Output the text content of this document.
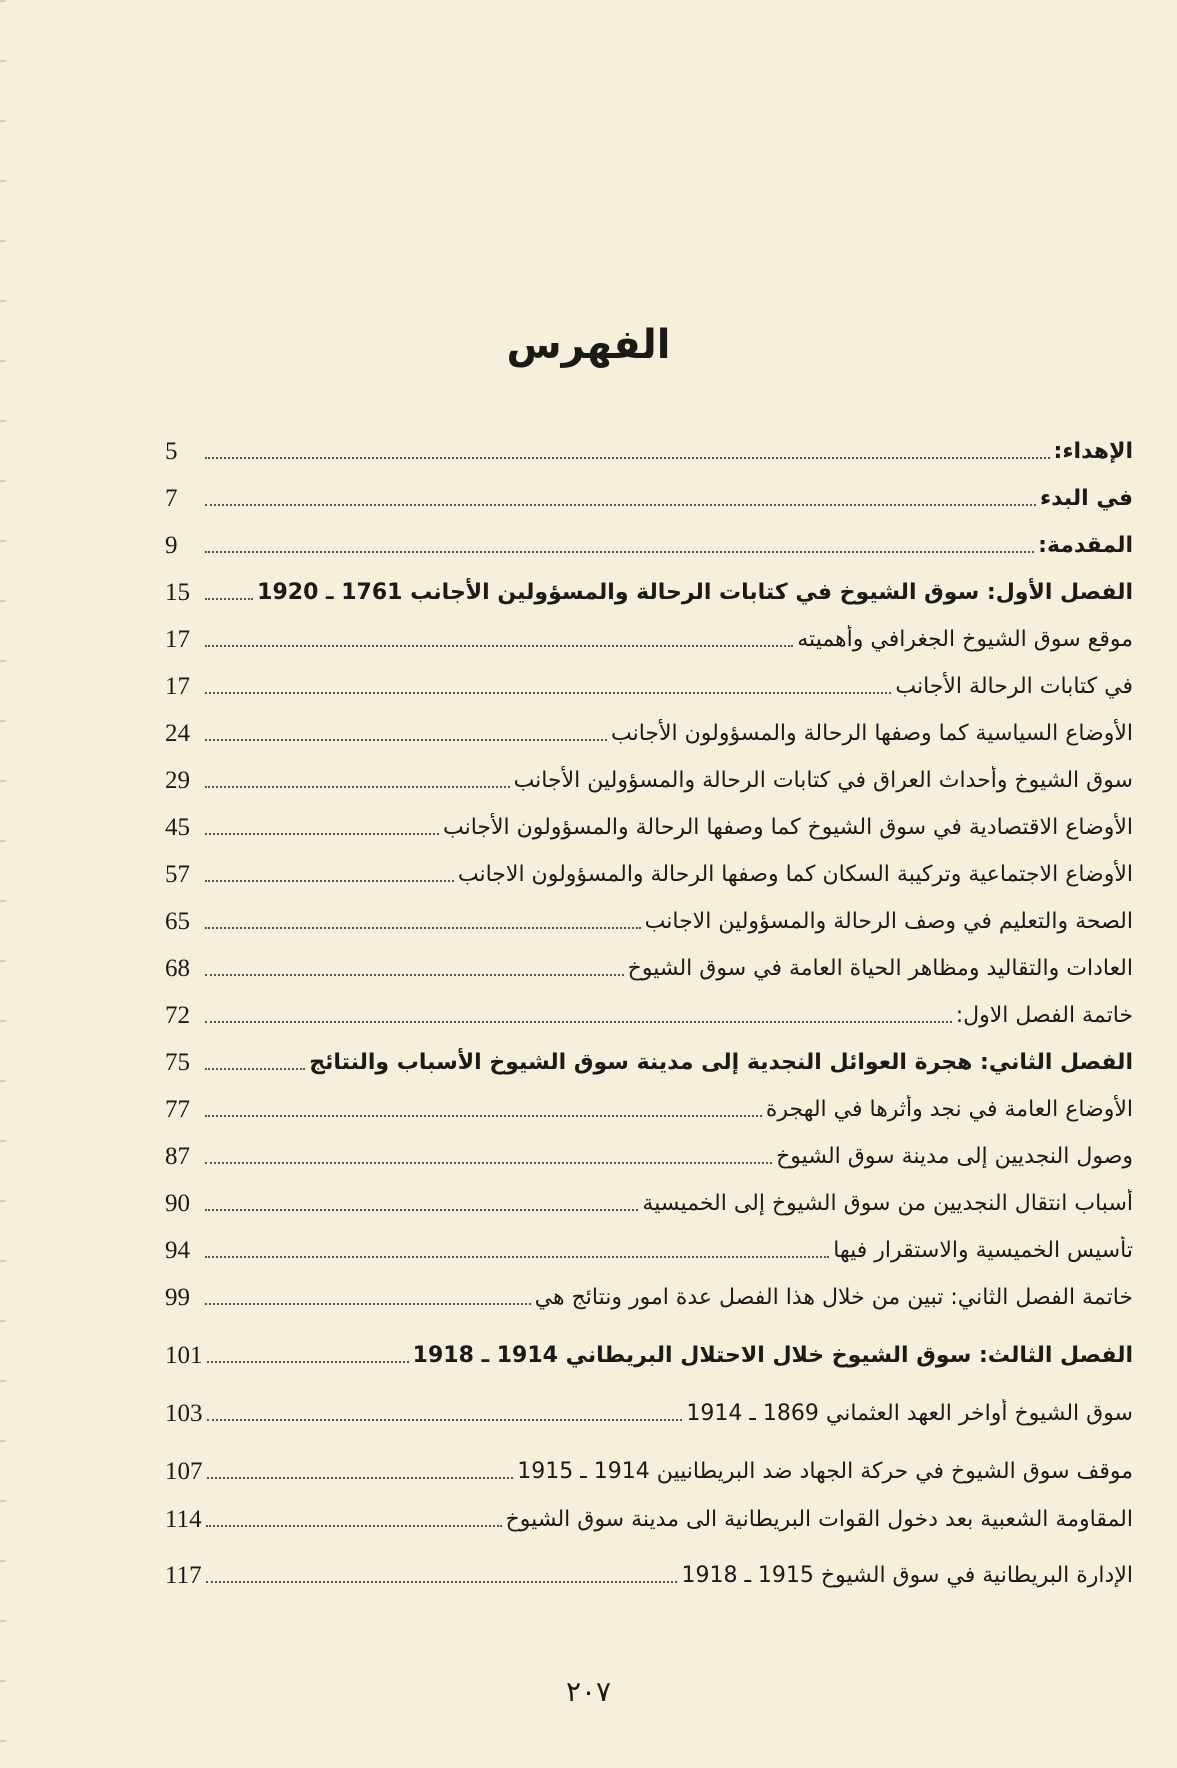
الفهرس
الإهداء:
5
في البدء
7
المقدمة:
9
الفصل الأول: سوق الشيوخ في كتابات الرحالة والمسؤولين الأجانب 1761 ـ 1920
15
موقع سوق الشيوخ الجغرافي وأهميته
17
في كتابات الرحالة الأجانب
17
الأوضاع السياسية كما وصفها الرحالة والمسؤولون الأجانب
24
سوق الشيوخ وأحداث العراق في كتابات الرحالة والمسؤولين الأجانب
29
الأوضاع الاقتصادية في سوق الشيوخ كما وصفها الرحالة والمسؤولون الأجانب
45
الأوضاع الاجتماعية وتركيبة السكان كما وصفها الرحالة والمسؤولون الاجانب
57
الصحة والتعليم في وصف الرحالة والمسؤولين الاجانب
65
العادات والتقاليد ومظاهر الحياة العامة في سوق الشيوخ
68
خاتمة الفصل الاول:
72
الفصل الثاني: هجرة العوائل النجدية إلى مدينة سوق الشيوخ الأسباب والنتائج
75
الأوضاع العامة في نجد وأثرها في الهجرة
77
وصول النجديين إلى مدينة سوق الشيوخ
87
أسباب انتقال النجديين من سوق الشيوخ إلى الخميسية
90
تأسيس الخميسية والاستقرار فيها
94
خاتمة الفصل الثاني: تبين من خلال هذا الفصل عدة امور ونتائج هي
99
الفصل الثالث: سوق الشيوخ خلال الاحتلال البريطاني 1914 ـ 1918
101
سوق الشيوخ أواخر العهد العثماني 1869 ـ 1914
103
موقف سوق الشيوخ في حركة الجهاد ضد البريطانيين 1914 ـ 1915
107
المقاومة الشعبية بعد دخول القوات البريطانية الى مدينة سوق الشيوخ
114
الإدارة البريطانية في سوق الشيوخ 1915 ـ 1918
117
٢٠٧
